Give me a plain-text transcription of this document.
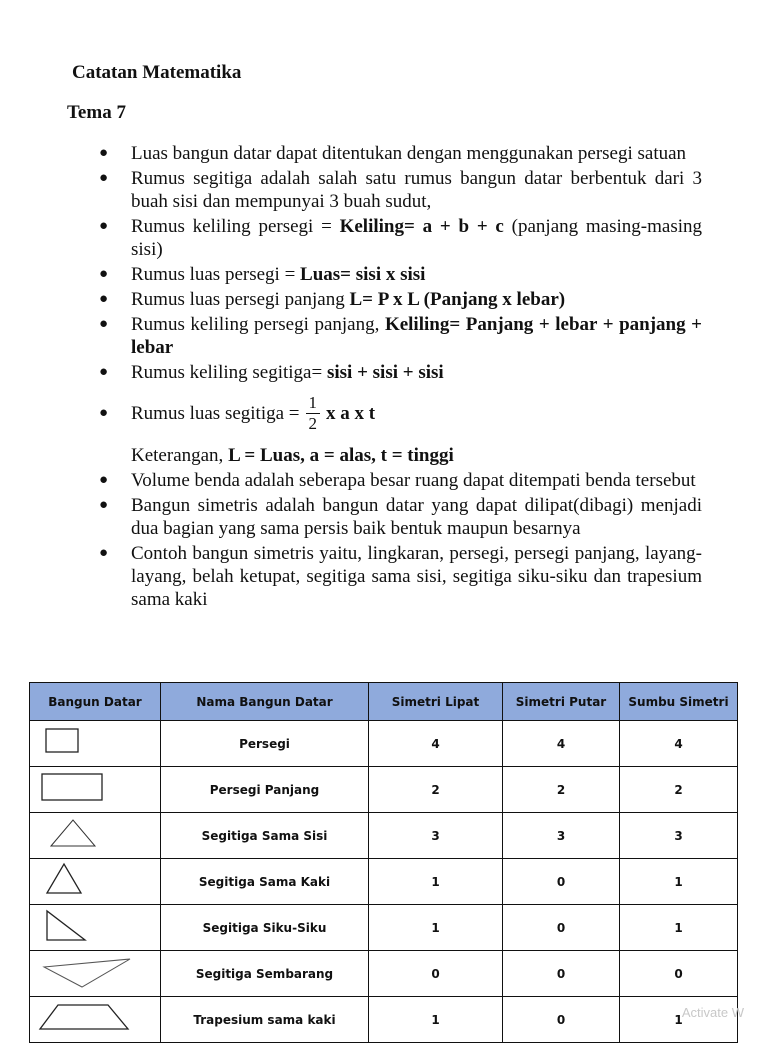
Catatan Matematika
Tema 7
● Luas bangun datar dapat ditentukan dengan menggunakan persegi satuan
● Rumus segitiga adalah salah satu rumus bangun datar berbentuk dari 3 buah sisi dan mempunyai 3 buah sudut,
● Rumus keliling persegi = Keliling= a + b + c (panjang masing-masing sisi)
● Rumus luas persegi = Luas= sisi x sisi
● Rumus luas persegi panjang L= P x L (Panjang x lebar)
● Rumus keliling persegi panjang, Keliling= Panjang + lebar + panjang + lebar
● Rumus keliling segitiga= sisi + sisi + sisi
● Rumus luas segitiga = $\frac{1}{2}$ x a x t
Keterangan, L = Luas, a = alas, t = tinggi
● Volume benda adalah seberapa besar ruang dapat ditempati benda tersebut
● Bangun simetris adalah bangun datar yang dapat dilipat(dibagi) menjadi dua bagian yang sama persis baik bentuk maupun besarnya
● Contoh bangun simetris yaitu, lingkaran, persegi, persegi panjang, layang-layang, belah ketupat, segitiga sama sisi, segitiga siku-siku dan trapesium sama kaki
Bangun Datar	Nama Bangun Datar	Simetri Lipat	Simetri Putar	Sumbu Simetri
	Persegi	4	4	4
	Persegi Panjang	2	2	2
	Segitiga Sama Sisi	3	3	3
	Segitiga Sama Kaki	1	0	1
	Segitiga Siku-Siku	1	0	1
	Segitiga Sembarang	0	0	0
	Trapesium sama kaki	1	0	1 Activate W
